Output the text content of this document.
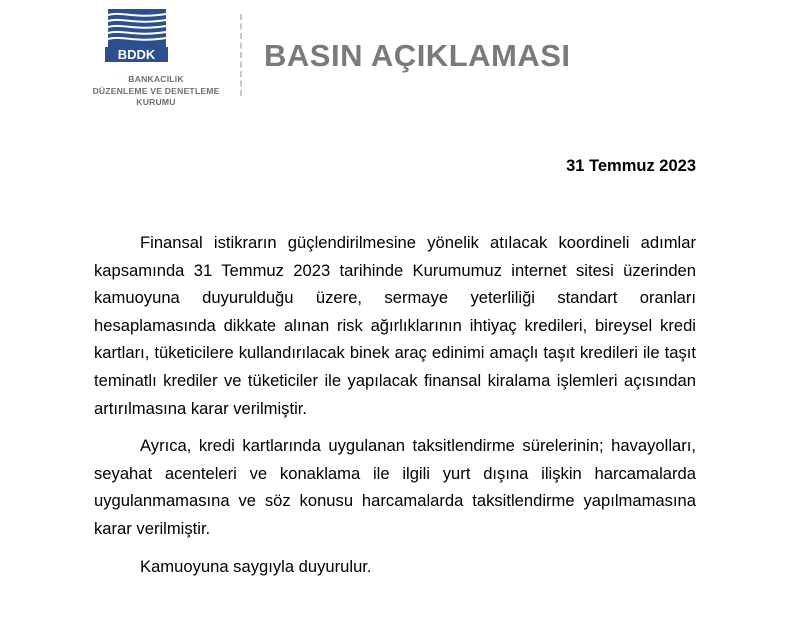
BDDK
BANKACILIK
DÜZENLEME VE DENETLEME
KURUMU
BASIN AÇIKLAMASI
31 Temmuz 2023

Finansal istikrarın güçlendirilmesine yönelik atılacak koordineli adımlar kapsamında 31 Temmuz 2023 tarihinde Kurumumuz internet sitesi üzerinden kamuoyuna duyurulduğu üzere, sermaye yeterliliği standart oranları hesaplamasında dikkate alınan risk ağırlıklarının ihtiyaç kredileri, bireysel kredi kartları, tüketicilere kullandırılacak binek araç edinimi amaçlı taşıt kredileri ile taşıt teminatlı krediler ve tüketiciler ile yapılacak finansal kiralama işlemleri açısından artırılmasına karar verilmiştir.

Ayrıca, kredi kartlarında uygulanan taksitlendirme sürelerinin; havayolları, seyahat acenteleri ve konaklama ile ilgili yurt dışına ilişkin harcamalarda uygulanmamasına ve söz konusu harcamalarda taksitlendirme yapılmamasına karar verilmiştir.

Kamuoyuna saygıyla duyurulur.
